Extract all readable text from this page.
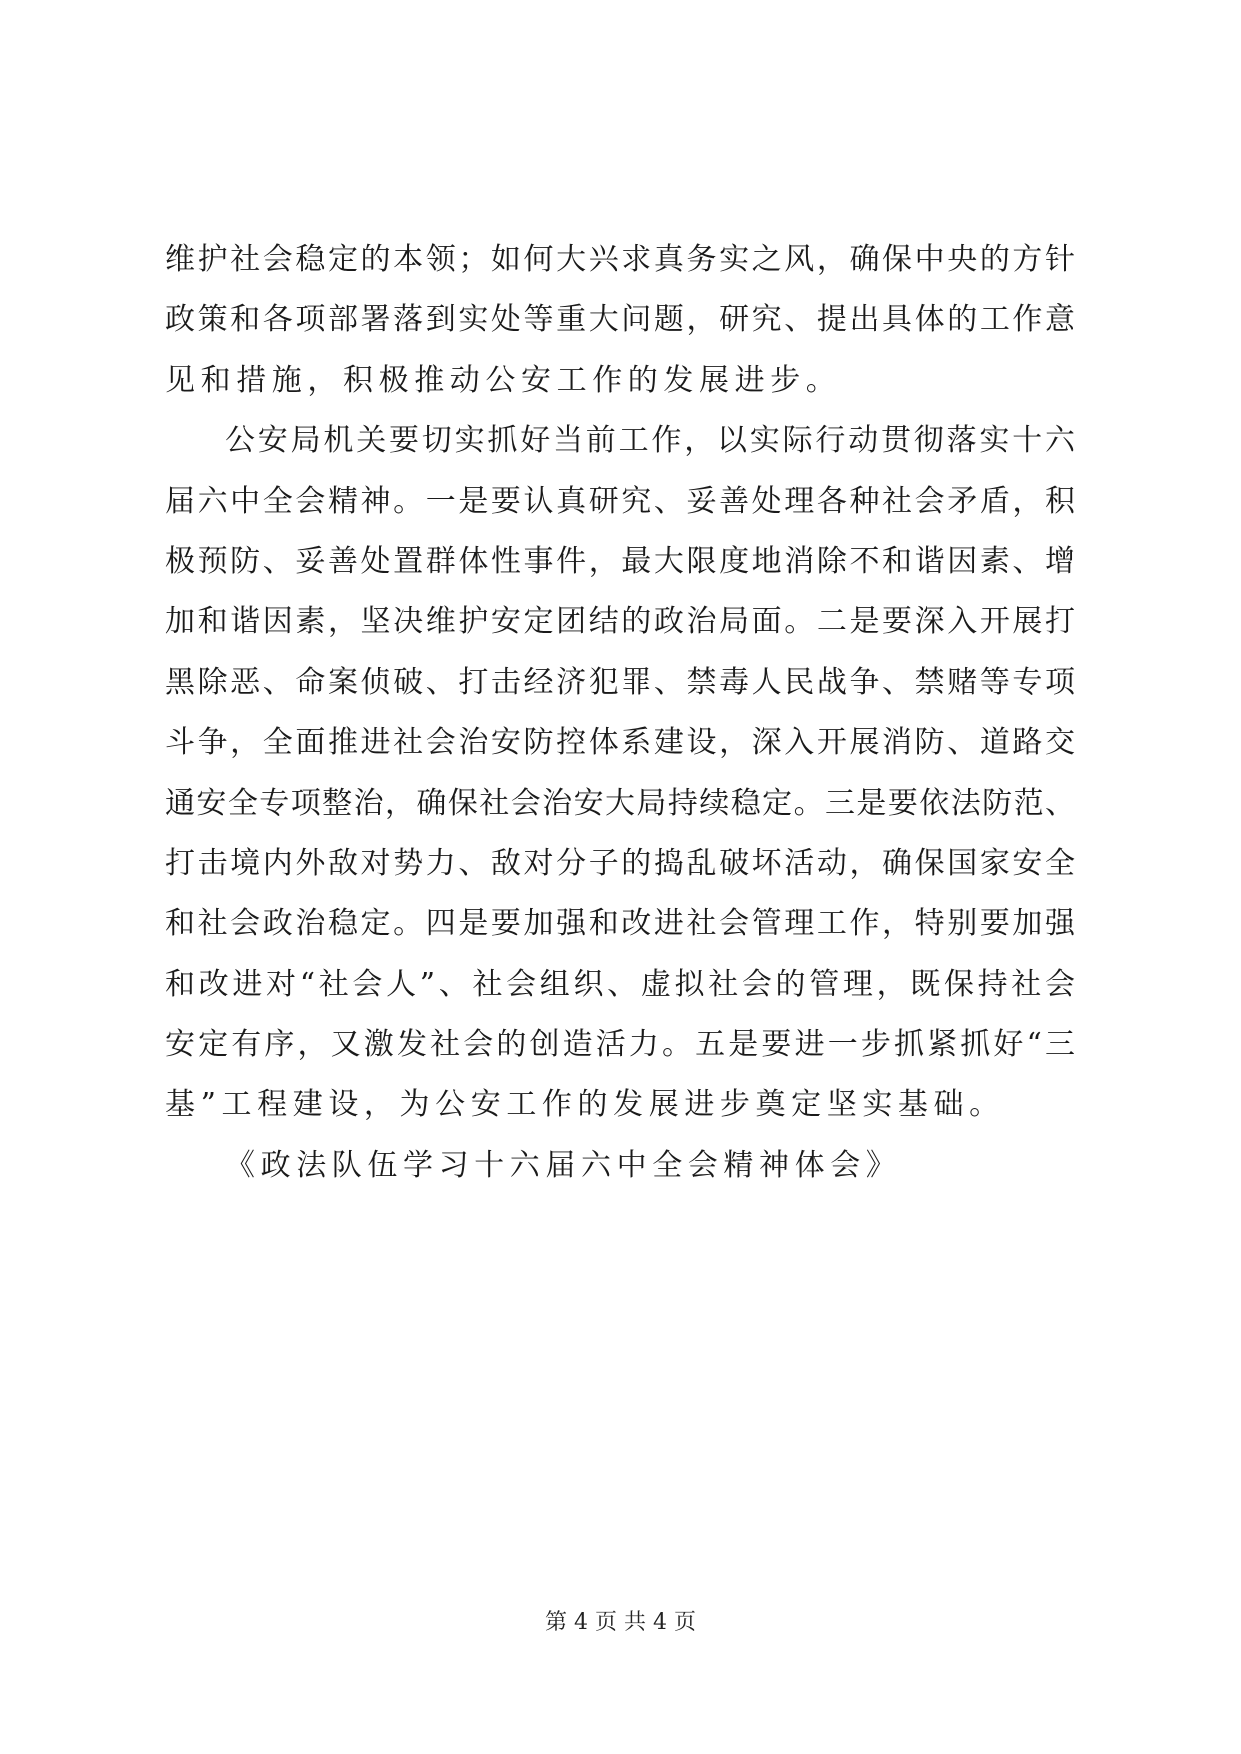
维护社会稳定的本领；如何大兴求真务实之风，确保中央的方针
政策和各项部署落到实处等重大问题，研究、提出具体的工作意
见和措施，积极推动公安工作的发展进步。
公安局机关要切实抓好当前工作，以实际行动贯彻落实十六
届六中全会精神。一是要认真研究、妥善处理各种社会矛盾，积
极预防、妥善处置群体性事件，最大限度地消除不和谐因素、增
加和谐因素，坚决维护安定团结的政治局面。二是要深入开展打
黑除恶、命案侦破、打击经济犯罪、禁毒人民战争、禁赌等专项
斗争，全面推进社会治安防控体系建设，深入开展消防、道路交
通安全专项整治，确保社会治安大局持续稳定。三是要依法防范、
打击境内外敌对势力、敌对分子的捣乱破坏活动，确保国家安全
和社会政治稳定。四是要加强和改进社会管理工作，特别要加强
和改进对“社会人”、社会组织、虚拟社会的管理，既保持社会
安定有序，又激发社会的创造活力。五是要进一步抓紧抓好“三
基”工程建设，为公安工作的发展进步奠定坚实基础。
《政法队伍学习十六届六中全会精神体会》
第 4 页 共 4 页
